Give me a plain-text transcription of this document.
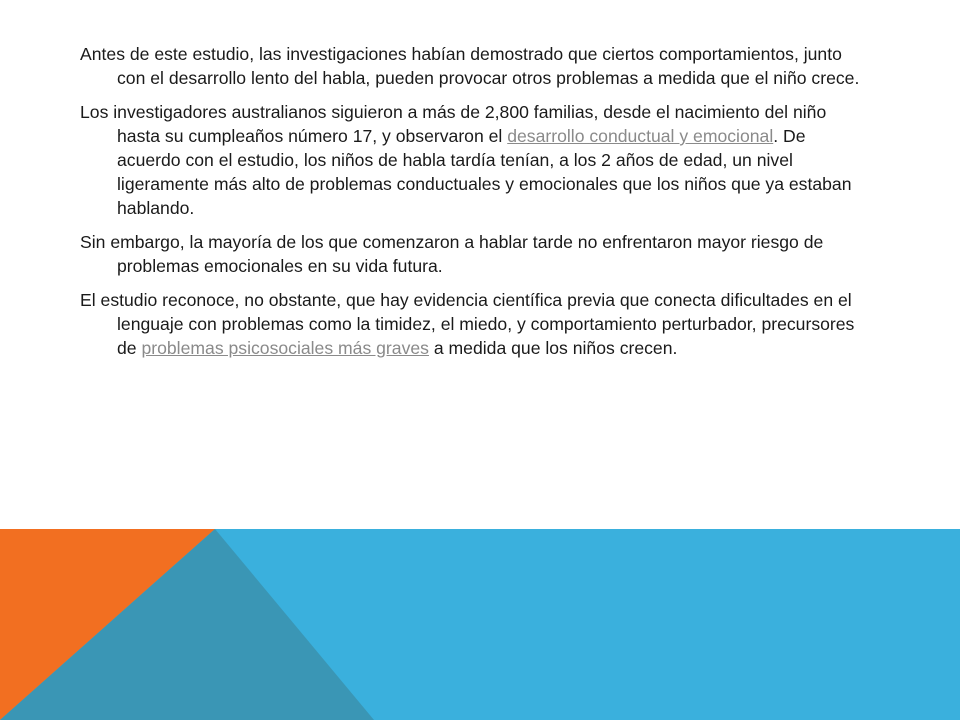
Antes de este estudio, las investigaciones habían demostrado que ciertos comportamientos, junto con el desarrollo lento del habla, pueden provocar otros problemas a medida que el niño crece.

Los investigadores australianos siguieron a más de 2,800 familias, desde el nacimiento del niño hasta su cumpleaños número 17, y observaron el desarrollo conductual y emocional. De acuerdo con el estudio, los niños de habla tardía tenían, a los 2 años de edad, un nivel ligeramente más alto de problemas conductuales y emocionales que los niños que ya estaban hablando.

Sin embargo, la mayoría de los que comenzaron a hablar tarde no enfrentaron mayor riesgo de problemas emocionales en su vida futura.

El estudio reconoce, no obstante, que hay evidencia científica previa que conecta dificultades en el lenguaje con problemas como la timidez, el miedo, y comportamiento perturbador, precursores de problemas psicosociales más graves a medida que los niños crecen.
